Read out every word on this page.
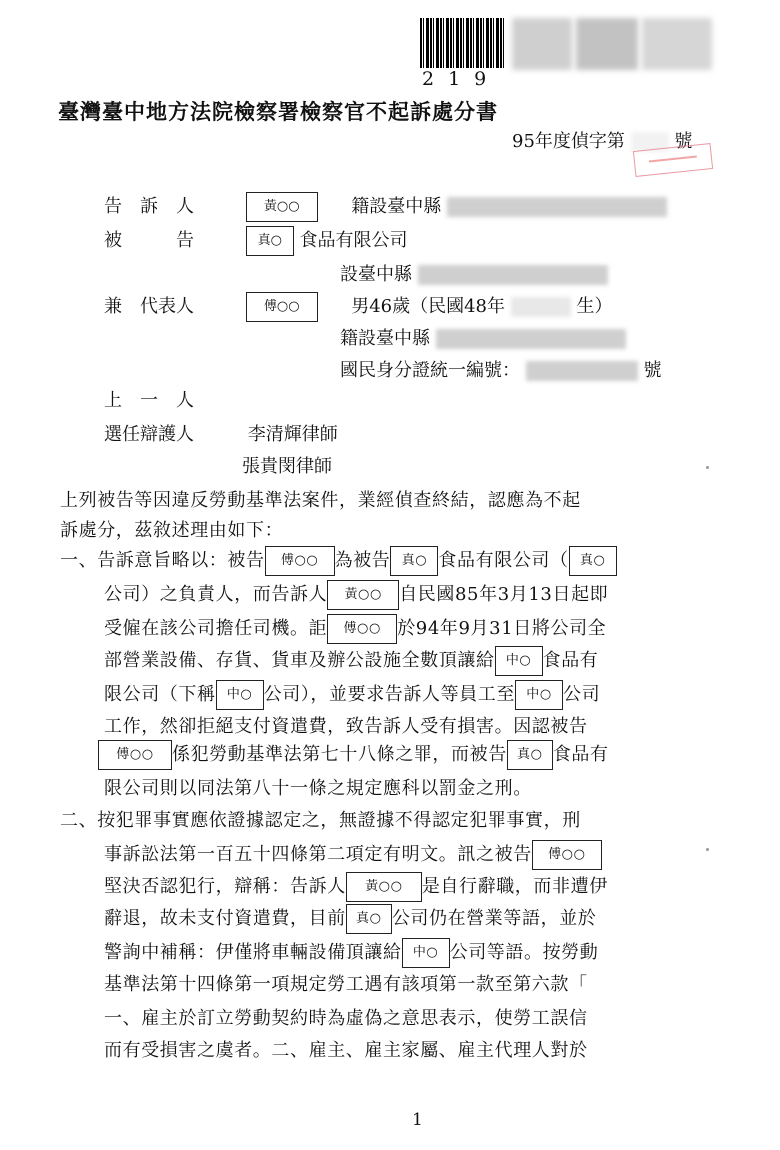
219
臺灣臺中地方法院檢察署檢察官不起訴處分書
95年度偵字第	號
告　訴　人	黃○○	籍設臺中縣
被　　　告	真○ 食品有限公司
設臺中縣
兼　代表人	傅○○	男46歲（民國48年	生）
籍設臺中縣
國民身分證統一編號：	號
上　一　人
選任辯護人	李清輝律師
張貴閔律師
上列被告等因違反勞動基準法案件，業經偵查終結，認應為不起
訴處分，茲敘述理由如下：
一、告訴意旨略以：被告 傅○○ 為被告 真○ 食品有限公司（ 真○
公司）之負責人，而告訴人 黃○○ 自民國85年3月13日起即
受僱在該公司擔任司機。詎 傅○○ 於94年9月31日將公司全
部營業設備、存貨、貨車及辦公設施全數頂讓給 中○ 食品有
限公司（下稱 中○ 公司），並要求告訴人等員工至 中○ 公司
工作，然卻拒絕支付資遣費，致告訴人受有損害。因認被告
傅○○ 係犯勞動基準法第七十八條之罪，而被告 真○ 食品有
限公司則以同法第八十一條之規定應科以罰金之刑。
二、按犯罪事實應依證據認定之，無證據不得認定犯罪事實，刑
事訴訟法第一百五十四條第二項定有明文。訊之被告 傅○○
堅決否認犯行，辯稱：告訴人 黃○○ 是自行辭職，而非遭伊
辭退，故未支付資遣費，目前 真○ 公司仍在營業等語，並於
警詢中補稱：伊僅將車輛設備頂讓給 中○ 公司等語。按勞動
基準法第十四條第一項規定勞工遇有該項第一款至第六款「
一、雇主於訂立勞動契約時為虛偽之意思表示，使勞工誤信
而有受損害之虞者。二、雇主、雇主家屬、雇主代理人對於
1
